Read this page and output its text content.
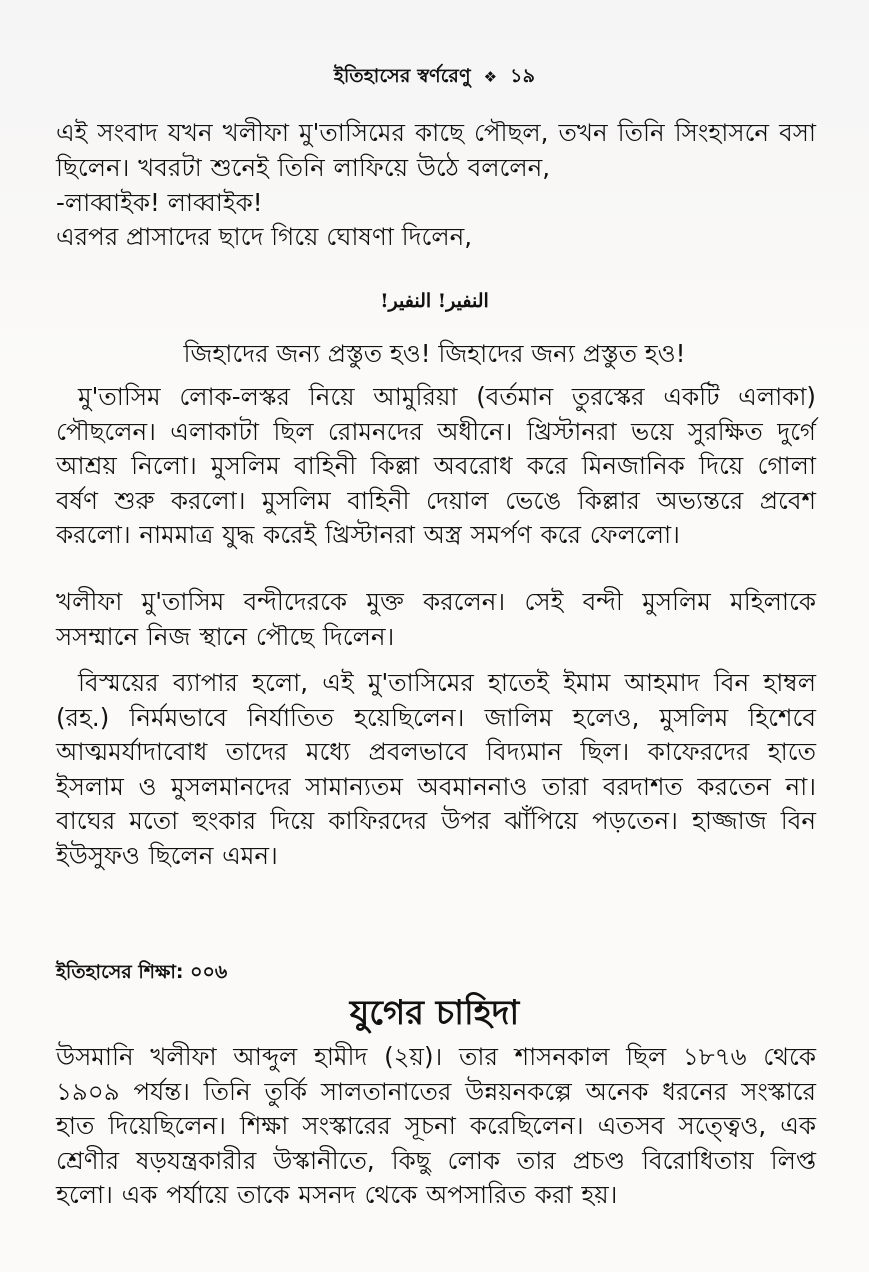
ইতিহাসের স্বর্ণরেণু ❖ ১৯
এই সংবাদ যখন খলীফা মু'তাসিমের কাছে পৌছল, তখন তিনি সিংহাসনে বসা ছিলেন। খবরটা শুনেই তিনি লাফিয়ে উঠে বললেন,
-লাব্বাইক! লাব্বাইক!
এরপর প্রাসাদের ছাদে গিয়ে ঘোষণা দিলেন,
النفير! النفير!
জিহাদের জন্য প্রস্তুত হও! জিহাদের জন্য প্রস্তুত হও!
মু'তাসিম লোক-লস্কর নিয়ে আমুরিয়া (বর্তমান তুরস্কের একটি এলাকা) পৌছলেন। এলাকাটা ছিল রোমনদের অধীনে। খ্রিস্টানরা ভয়ে সুরক্ষিত দুর্গে আশ্রয় নিলো। মুসলিম বাহিনী কিল্লা অবরোধ করে মিনজানিক দিয়ে গোলা বর্ষণ শুরু করলো। মুসলিম বাহিনী দেয়াল ভেঙে কিল্লার অভ্যন্তরে প্রবেশ করলো। নামমাত্র যুদ্ধ করেই খ্রিস্টানরা অস্ত্র সমর্পণ করে ফেললো।
খলীফা মু'তাসিম বন্দীদেরকে মুক্ত করলেন। সেই বন্দী মুসলিম মহিলাকে সসম্মানে নিজ স্থানে পৌছে দিলেন।
বিস্ময়ের ব্যাপার হলো, এই মু'তাসিমের হাতেই ইমাম আহমাদ বিন হাম্বল (রহ.) নির্মমভাবে নির্যাতিত হয়েছিলেন। জালিম হলেও, মুসলিম হিশেবে আত্মমর্যাদাবোধ তাদের মধ্যে প্রবলভাবে বিদ্যমান ছিল। কাফেরদের হাতে ইসলাম ও মুসলমানদের সামান্যতম অবমাননাও তারা বরদাশত করতেন না। বাঘের মতো হুংকার দিয়ে কাফিরদের উপর ঝাঁপিয়ে পড়তেন। হাজ্জাজ বিন ইউসুফও ছিলেন এমন।
ইতিহাসের শিক্ষা: ০০৬
যুগের চাহিদা
উসমানি খলীফা আব্দুল হামীদ (২য়)। তার শাসনকাল ছিল ১৮৭৬ থেকে ১৯০৯ পর্যন্ত। তিনি তুর্কি সালতানাতের উন্নয়নকল্পে অনেক ধরনের সংস্কারে হাত দিয়েছিলেন। শিক্ষা সংস্কারের সূচনা করেছিলেন। এতসব সত্ত্বেও, এক শ্রেণীর ষড়যন্ত্রকারীর উস্কানীতে, কিছু লোক তার প্রচণ্ড বিরোধিতায় লিপ্ত হলো। এক পর্যায়ে তাকে মসনদ থেকে অপসারিত করা হয়।
